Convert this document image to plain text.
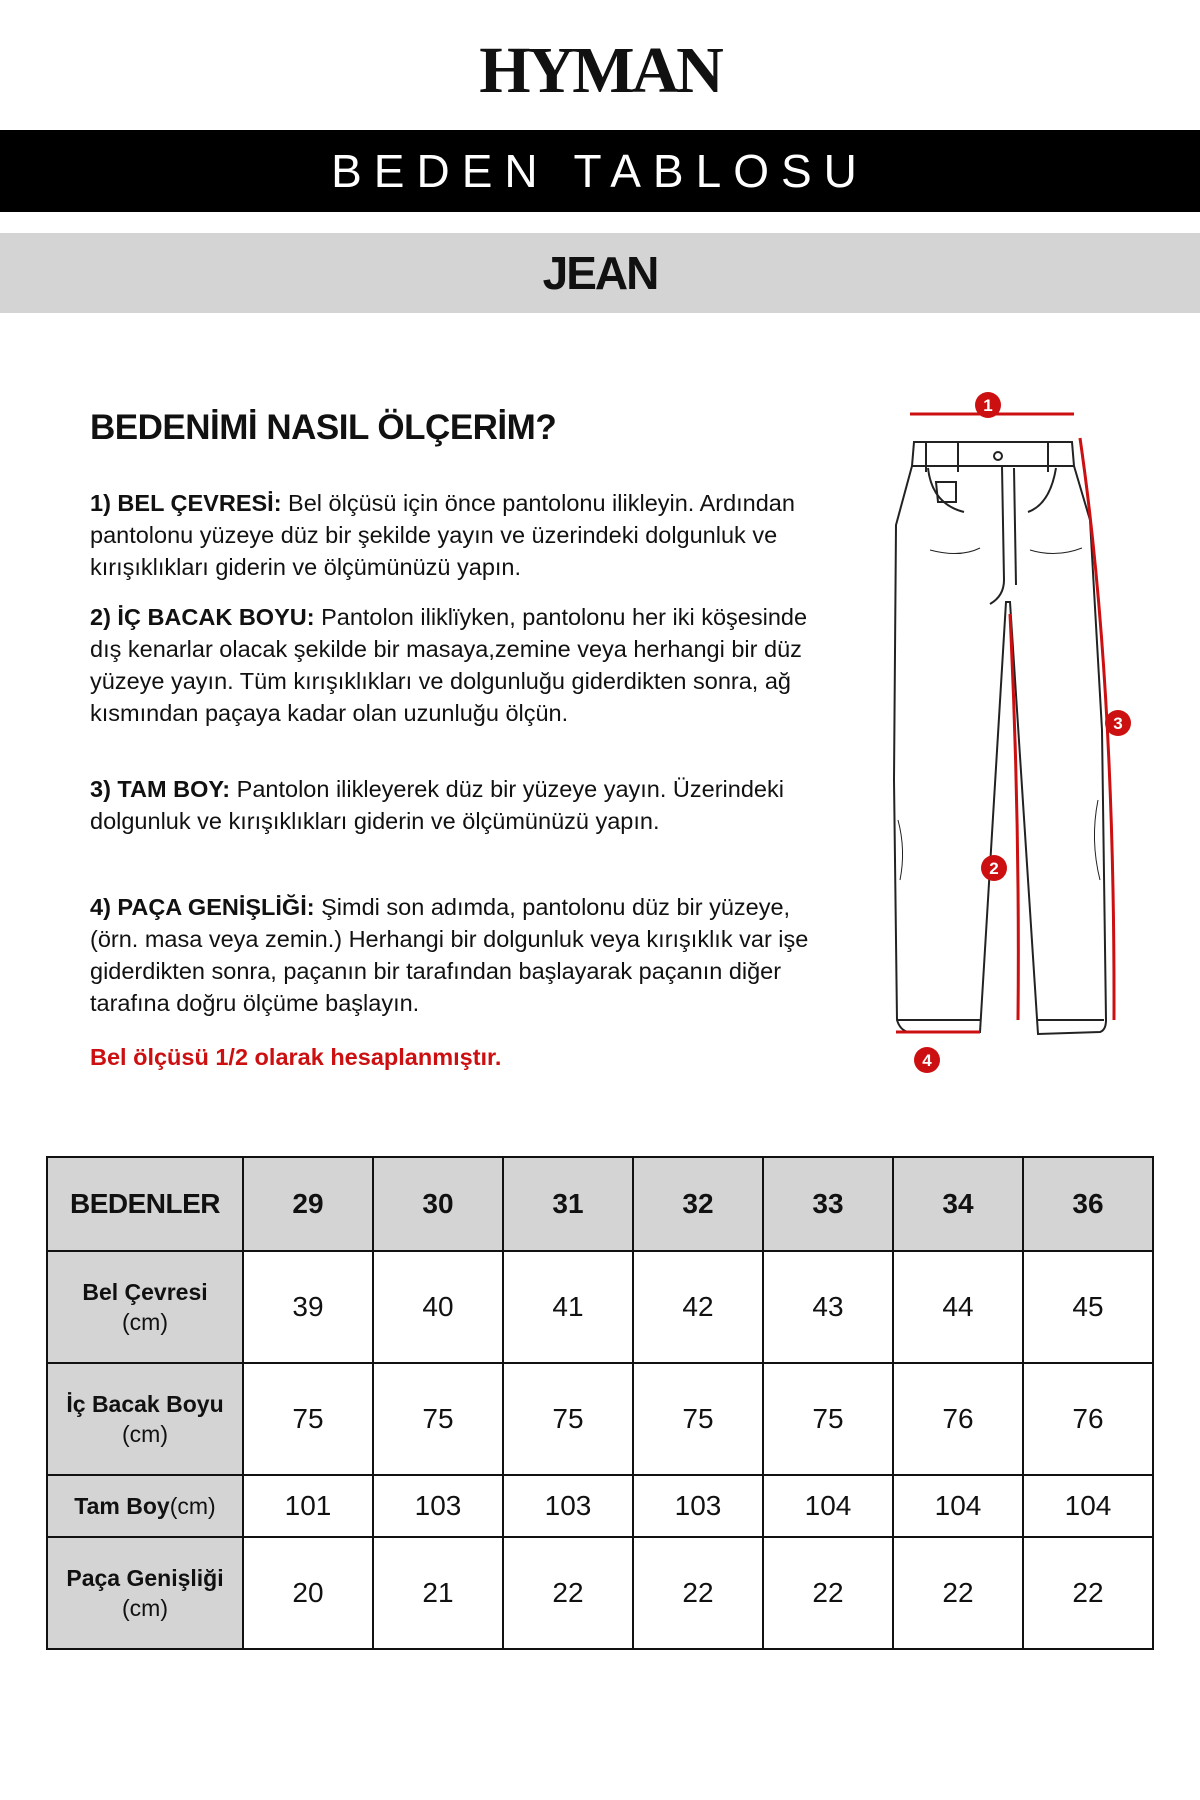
HYMAN
BEDEN TABLOSU
JEAN
BEDENİMİ NASIL ÖLÇERİM?
1) BEL ÇEVRESİ: Bel ölçüsü için önce pantolonu ilikleyin. Ardından pantolonu yüzeye düz bir şekilde yayın ve üzerindeki dolgunluk ve kırışıklıkları giderin ve ölçümünüzü yapın.
2) İÇ BACAK BOYU: Pantolon iliklïyken, pantolonu her iki köşesinde dış kenarlar olacak şekilde bir masaya,zemine veya herhangi bir düz yüzeye yayın. Tüm kırışıklıkları ve dolgunluğu giderdikten sonra, ağ kısmından paçaya kadar olan uzunluğu ölçün.
3) TAM BOY: Pantolon ilikleyerek düz bir yüzeye yayın. Üzerindeki dolgunluk ve kırışıklıkları giderin ve ölçümünüzü yapın.
4) PAÇA GENİŞLİĞİ: Şimdi son adımda, pantolonu düz bir yüzeye, (örn. masa veya zemin.) Herhangi bir dolgunluk veya kırışıklık var işe giderdikten sonra, paçanın bir tarafından başlayarak paçanın diğer tarafına doğru ölçüme başlayın.
Bel ölçüsü 1/2 olarak hesaplanmıştır.
1
2
3
4
BEDENLER	29	30	31	32	33	34	36

Bel Çevresi
(cm)	39	40	41	42	43	44	45

İç Bacak Boyu
(cm)	75	75	75	75	75	76	76
Tam Boy(cm)	101	103	103	103	104	104	104

Paça Genişliği
(cm)	20	21	22	22	22	22	22
